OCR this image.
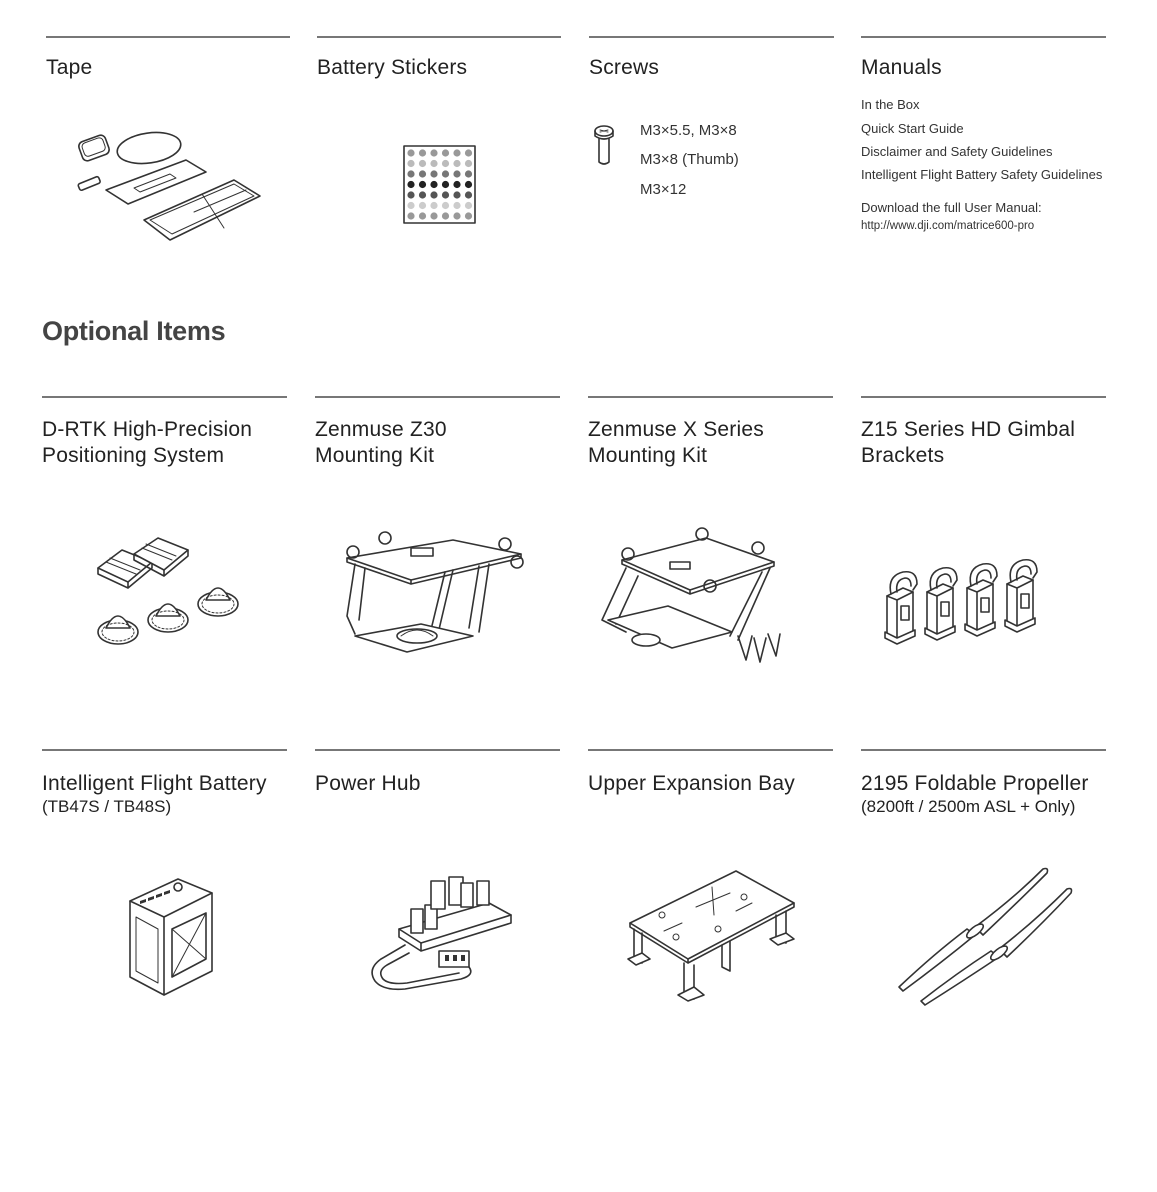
Tape	Battery Stickers	Screws
M3×5.5, M3×8
M3×8 (Thumb)
M3×12
Manuals
In the Box
Quick Start Guide
Disclaimer and Safety Guidelines
Intelligent Flight Battery Safety Guidelines
Download the full User Manual:
http://www.dji.com/matrice600-pro
Optional Items
D-RTK High-Precision
Positioning System
Zenmuse Z30
Mounting Kit
Zenmuse X Series
Mounting Kit
Z15 Series HD Gimbal
Brackets
Intelligent Flight Battery
(TB47S / TB48S)
Power Hub	Upper Expansion Bay	2195 Foldable Propeller
(8200ft / 2500m ASL + Only)
